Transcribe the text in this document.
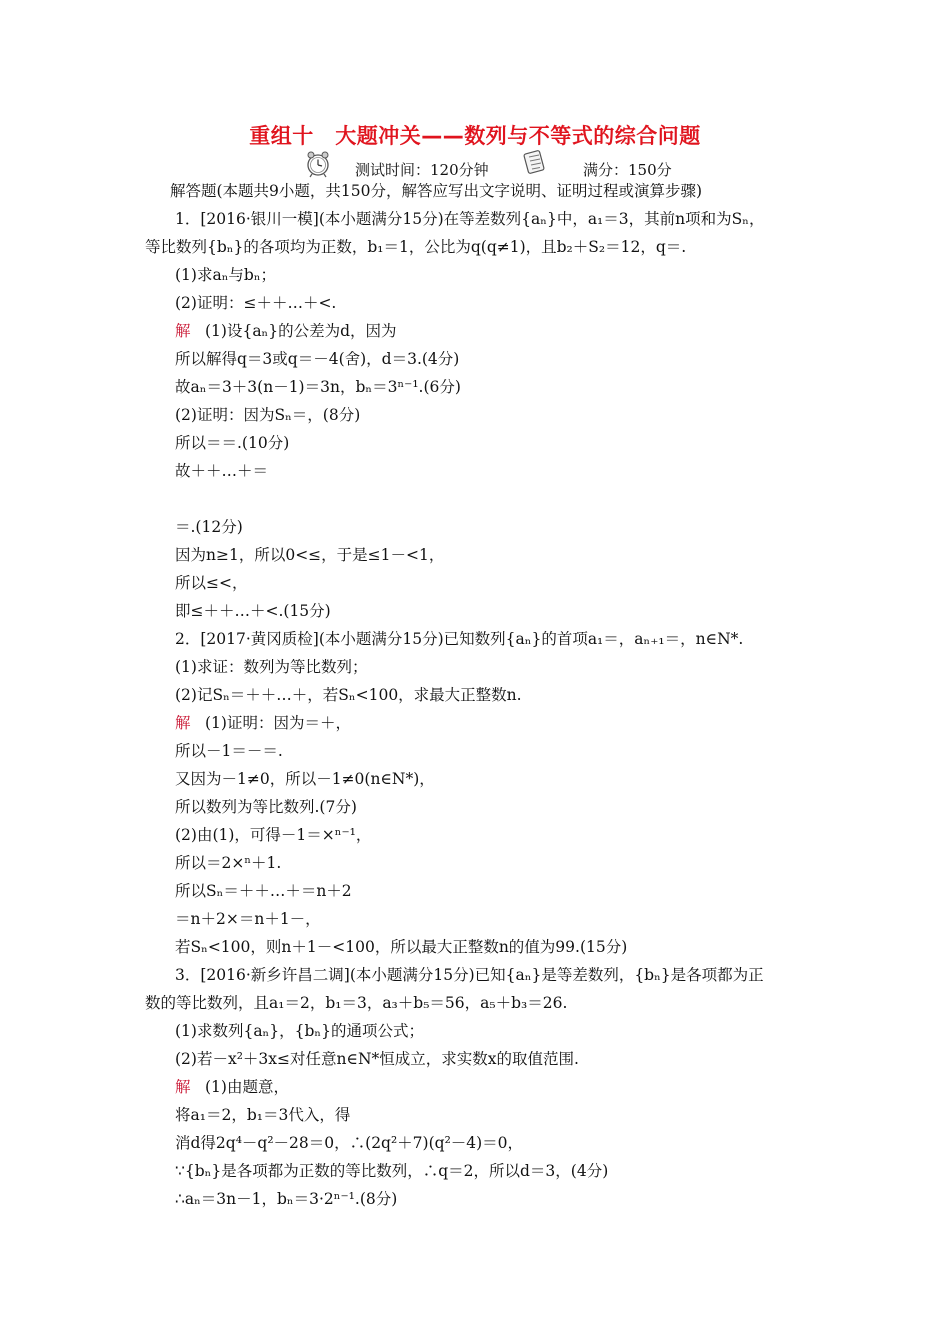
重组十　大题冲关——数列与不等式的综合问题
测试时间：120分钟	满分：150分
解答题(本题共9小题，共150分，解答应写出文字说明、证明过程或演算步骤)
1．[2016·银川一模](本小题满分15分)在等差数列{aₙ}中，a₁＝3，其前n项和为Sₙ，
等比数列{bₙ}的各项均为正数，b₁＝1，公比为q(q≠1)，且b₂＋S₂＝12，q＝.
(1)求aₙ与bₙ；
(2)证明：≤＋＋…＋<.
解 (1)设{aₙ}的公差为d，因为
所以解得q＝3或q＝－4(舍)，d＝3.(4分)
故aₙ＝3＋3(n－1)＝3n，bₙ＝3ⁿ⁻¹.(6分)
(2)证明：因为Sₙ＝，(8分)
所以＝＝.(10分)
故＋＋…＋＝
＝.(12分)
因为n≥1，所以0<≤，于是≤1－<1，
所以≤<，
即≤＋＋…＋<.(15分)
2．[2017·黄冈质检](本小题满分15分)已知数列{aₙ}的首项a₁＝，aₙ₊₁＝，n∈N*.
(1)求证：数列为等比数列；
(2)记Sₙ＝＋＋…＋，若Sₙ<100，求最大正整数n.
解 (1)证明：因为＝＋，
所以－1＝－＝.
又因为－1≠0，所以－1≠0(n∈N*)，
所以数列为等比数列.(7分)
(2)由(1)，可得－1＝×ⁿ⁻¹，
所以＝2×ⁿ＋1.
所以Sₙ＝＋＋…＋＝n＋2
＝n＋2×＝n＋1－，
若Sₙ<100，则n＋1－<100，所以最大正整数n的值为99.(15分)
3．[2016·新乡许昌二调](本小题满分15分)已知{aₙ}是等差数列，{bₙ}是各项都为正
数的等比数列，且a₁＝2，b₁＝3，a₃＋b₅＝56，a₅＋b₃＝26.
(1)求数列{aₙ}，{bₙ}的通项公式；
(2)若－x²＋3x≤对任意n∈N*恒成立，求实数x的取值范围.
解 (1)由题意，
将a₁＝2，b₁＝3代入，得
消d得2q⁴－q²－28＝0，∴(2q²＋7)(q²－4)＝0，
∵{bₙ}是各项都为正数的等比数列，∴q＝2，所以d＝3，(4分)
∴aₙ＝3n－1，bₙ＝3·2ⁿ⁻¹.(8分)
